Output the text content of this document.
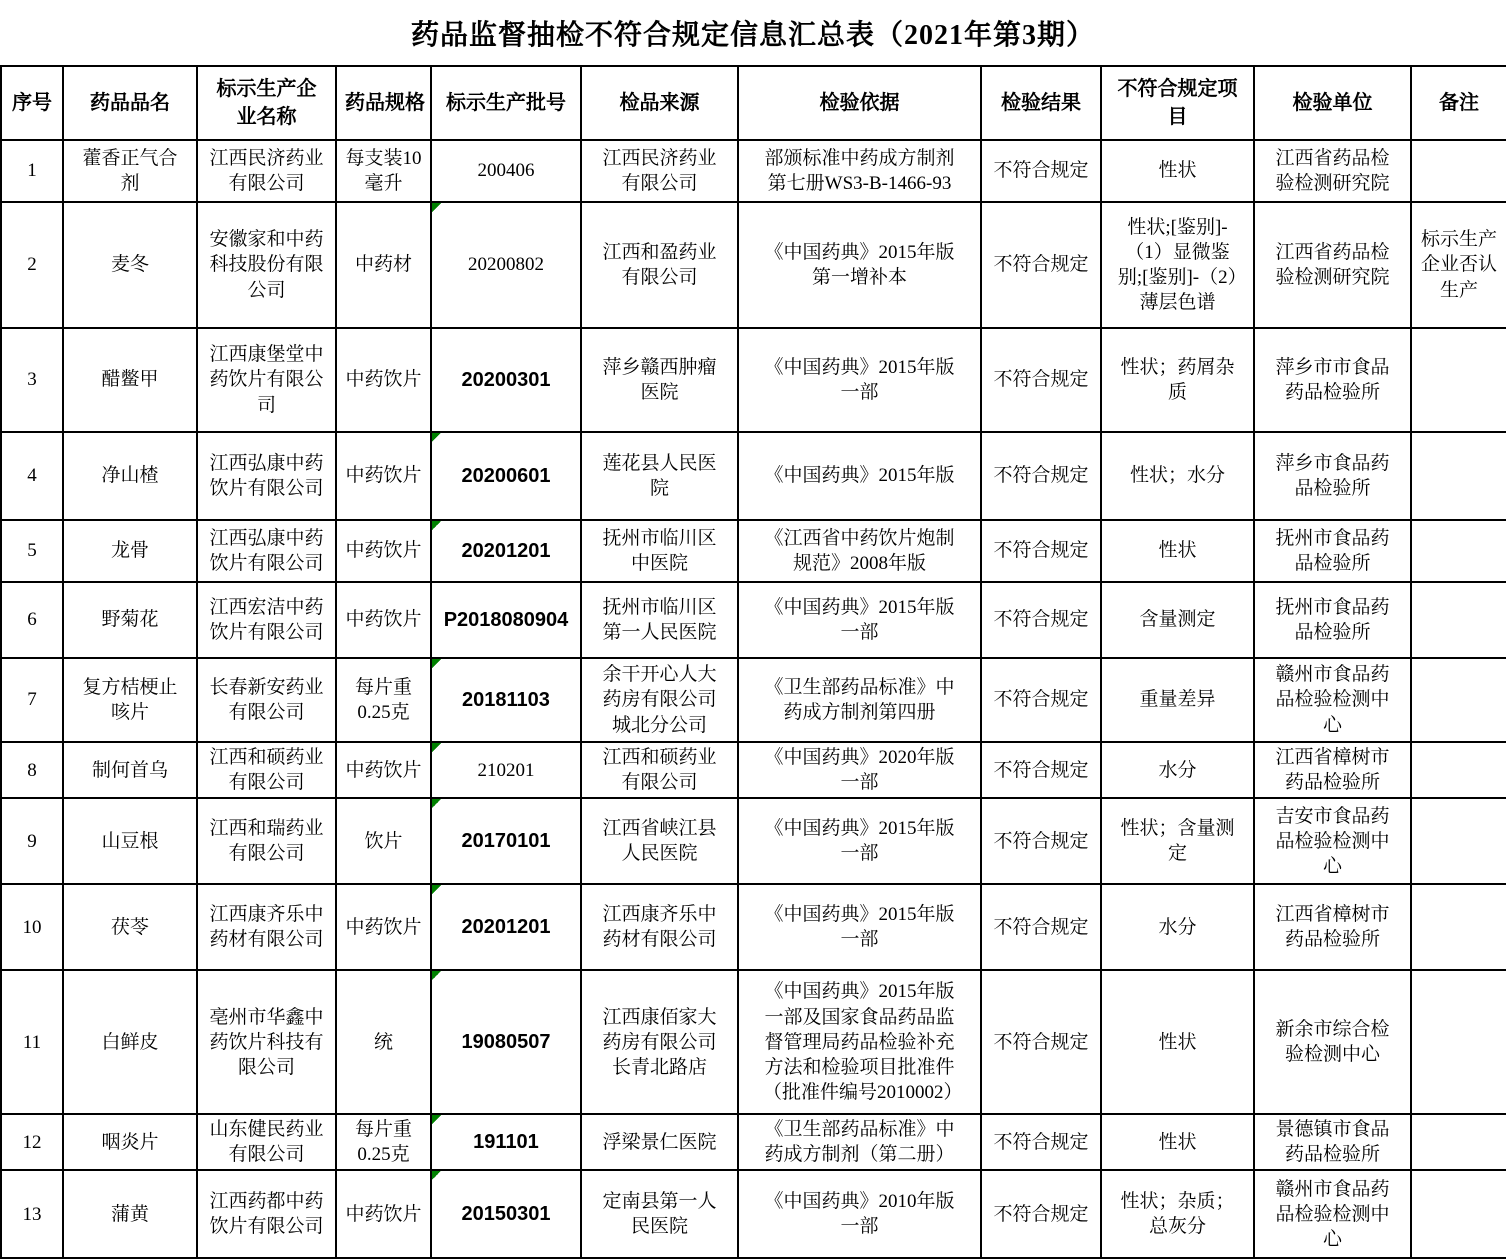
药品监督抽检不符合规定信息汇总表（2021年第3期）
序号	药品品名	标示生产企业名称	药品规格	标示生产批号	检品来源	检验依据	检验结果	不符合规定项目	检验单位	备注
1	藿香正气合剂	江西民济药业有限公司	每支装10毫升	200406	江西民济药业有限公司	部颁标准中药成方制剂第七册WS3-B-1466-93	不符合规定	性状	江西省药品检验检测研究院	
2	麦冬	安徽家和中药科技股份有限公司	中药材	20200802	江西和盈药业有限公司	《中国药典》2015年版第一增补本	不符合规定	性状;[鉴别]-（1）显微鉴别;[鉴别]-（2）薄层色谱	江西省药品检验检测研究院	标示生产企业否认生产
3	醋鳖甲	江西康堡堂中药饮片有限公司	中药饮片	20200301	萍乡赣西肿瘤医院	《中国药典》2015年版一部	不符合规定	性状；药屑杂质	萍乡市市食品药品检验所	
4	净山楂	江西弘康中药饮片有限公司	中药饮片	20200601	莲花县人民医院	《中国药典》2015年版	不符合规定	性状；水分	萍乡市食品药品检验所	
5	龙骨	江西弘康中药饮片有限公司	中药饮片	20201201	抚州市临川区中医院	《江西省中药饮片炮制规范》2008年版	不符合规定	性状	抚州市食品药品检验所	
6	野菊花	江西宏洁中药饮片有限公司	中药饮片	P2018080904	抚州市临川区第一人民医院	《中国药典》2015年版一部	不符合规定	含量测定	抚州市食品药品检验所	
7	复方桔梗止咳片	长春新安药业有限公司	每片重0.25克	20181103	余干开心人大药房有限公司城北分公司	《卫生部药品标准》中药成方制剂第四册	不符合规定	重量差异	赣州市食品药品检验检测中心	
8	制何首乌	江西和硕药业有限公司	中药饮片	210201	江西和硕药业有限公司	《中国药典》2020年版一部	不符合规定	水分	江西省樟树市药品检验所	
9	山豆根	江西和瑞药业有限公司	饮片	20170101	江西省峡江县人民医院	《中国药典》2015年版一部	不符合规定	性状；含量测定	吉安市食品药品检验检测中心	
10	茯苓	江西康齐乐中药材有限公司	中药饮片	20201201	江西康齐乐中药材有限公司	《中国药典》2015年版一部	不符合规定	水分	江西省樟树市药品检验所	
11	白鲜皮	亳州市华鑫中药饮片科技有限公司	统	19080507	江西康佰家大药房有限公司长青北路店	《中国药典》2015年版一部及国家食品药品监督管理局药品检验补充方法和检验项目批准件（批准件编号2010002）	不符合规定	性状	新余市综合检验检测中心	
12	咽炎片	山东健民药业有限公司	每片重0.25克	191101	浮梁景仁医院	《卫生部药品标准》中药成方制剂（第二册）	不符合规定	性状	景德镇市食品药品检验所	
13	蒲黄	江西药都中药饮片有限公司	中药饮片	20150301	定南县第一人民医院	《中国药典》2010年版一部	不符合规定	性状；杂质；总灰分	赣州市食品药品检验检测中心	
